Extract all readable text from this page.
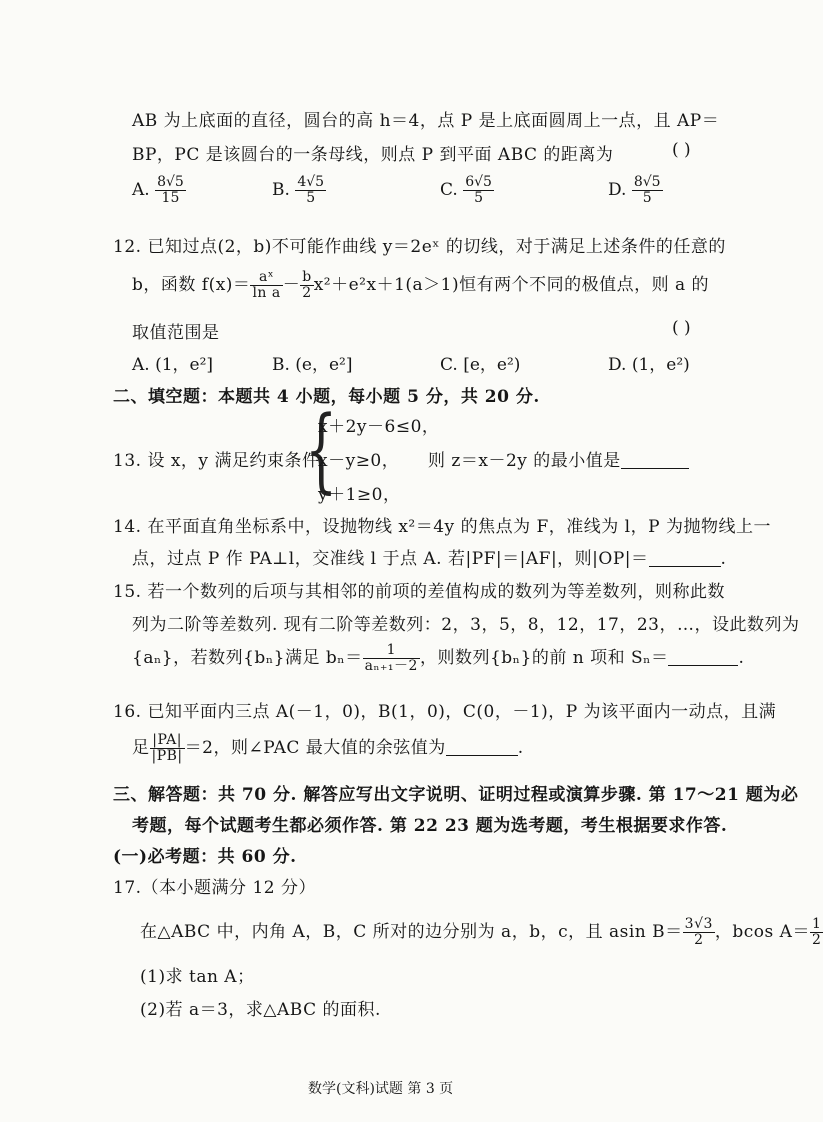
AB 为上底面的直径，圆台的高 h＝4，点 P 是上底面圆周上一点，且 AP＝
BP，PC 是该圆台的一条母线，则点 P 到平面 ABC 的距离为	( )
A. $\frac{8√5}{15}$	B. $\frac{4√5}{5}$	C. $\frac{6√5}{5}$	D. $\frac{8√5}{5}$
12. 已知过点(2，b)不可能作曲线 y＝2eˣ 的切线，对于满足上述条件的任意的
b，函数 $f(x)= \frac{\text{aˣ}}{\text{ln a}} - \frac{b}{2} x^2+e^2x+1(a>1)$恒有两个不同的极值点，则 a 的
取值范围是	( )
A. (1，e²]	B. (e，e²]	C. [e，e²)	D. (1，e²)
二、填空题：本题共 4 小题，每小题 5 分，共 20 分.
13. 设 x，y 满足约束条件
{
x＋2y－6≤0，
x－y≥0，
y＋1≥0，
则 z＝x－2y 的最小值是
14. 在平面直角坐标系中，设抛物线 x²＝4y 的焦点为 F，准线为 l，P 为抛物线上一
点，过点 P 作 PA⊥l，交准线 l 于点 A. 若|PF|＝|AF|，则|OP|＝	.
15. 若一个数列的后项与其相邻的前项的差值构成的数列为等差数列，则称此数
列为二阶等差数列. 现有二阶等差数列：2，3，5，8，12，17，23，…，设此数列为
{aₙ}，若数列{bₙ}满足 $b_n= \frac{1}{\text{aₙ₊₁－2}}$ ，则数列{bₙ}的前 n 项和 Sₙ＝	.
16. 已知平面内三点 A(－1，0)，B(1，0)，C(0，－1)，P 为该平面内一动点，且满
足 $\frac{|PA|}{|PB|} =2$，则∠PAC 最大值的余弦值为	.
三、解答题：共 70 分. 解答应写出文字说明、证明过程或演算步骤. 第 17～21 题为必
考题，每个试题考生都必须作答. 第 22 23 题为选考题，考生根据要求作答.
(一)必考题：共 60 分.
17.（本小题满分 12 分）
在△ABC 中，内角 A，B，C 所对的边分别为 a，b，c，且 asin $B= \frac{3√3}{2}$ ，bcos $A= \frac{1}{2}$
(1)求 tan A；
(2)若 a＝3，求△ABC 的面积.
数学(文科)试题 第 3 页
